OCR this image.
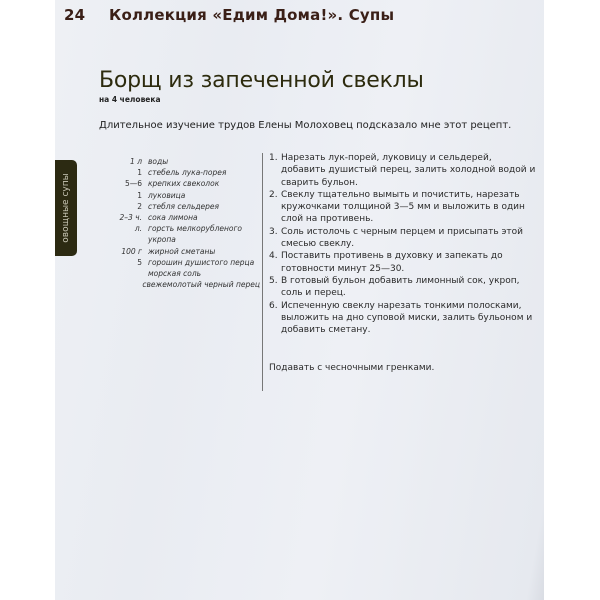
24 Коллекция «Едим Дома!». Супы
овощные супы
Борщ из запеченной свеклы
на 4 человека
Длительное изучение трудов Елены Молоховец подсказало мне этот рецепт.
1 л воды
1 стебель лука-порея
5—6 крепких свеколок
1 луковица
2 стебля сельдерея
2–3 ч. л.
сока лимона
горсть мелкорубленого
укропа
100 г жирной сметаны
5 горошин душистого перца
морская соль
свежемолотый черный перец
1. Нарезать лук-порей, луковицу и сельдерей, добавить душистый перец, залить холодной водой и сварить бульон.
2. Свеклу тщательно вымыть и почистить, нарезать кружочками толщиной 3—5 мм и выложить в один слой на противень.
3. Соль истолочь с черным перцем и присыпать этой смесью свеклу.
4. Поставить противень в духовку и запекать до готовности минут 25—30.
5. В готовый бульон добавить лимонный сок, укроп, соль и перец.
6. Испеченную свеклу нарезать тонкими полосками, выложить на дно суповой миски, залить бульоном и добавить сметану.
Подавать с чесночными гренками.
